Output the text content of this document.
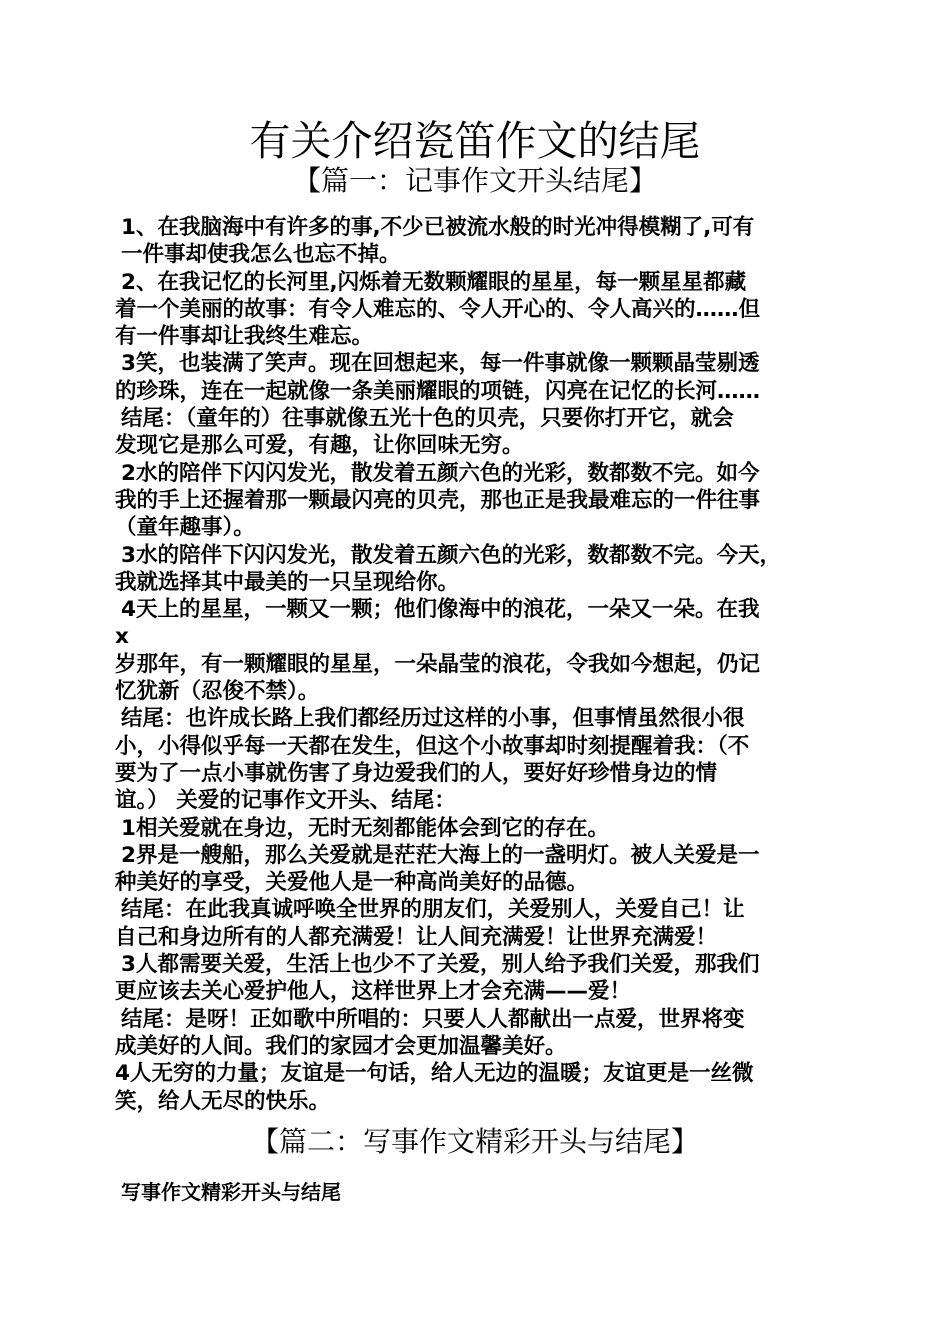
有关介绍瓷笛作文的结尾
【篇一：记事作文开头结尾】
1、在我脑海中有许多的事,不少已被流水般的时光冲得模糊了,可有
一件事却使我怎么也忘不掉。
2、在我记忆的长河里,闪烁着无数颗耀眼的星星，每一颗星星都藏
着一个美丽的故事：有令人难忘的、令人开心的、令人高兴的……但
有一件事却让我终生难忘。
3笑，也装满了笑声。现在回想起来，每一件事就像一颗颗晶莹剔透
的珍珠，连在一起就像一条美丽耀眼的项链，闪亮在记忆的长河……
结尾：（童年的）往事就像五光十色的贝壳，只要你打开它，就会
发现它是那么可爱，有趣，让你回味无穷。
2水的陪伴下闪闪发光，散发着五颜六色的光彩，数都数不完。如今
我的手上还握着那一颗最闪亮的贝壳，那也正是我最难忘的一件往事
（童年趣事）。
3水的陪伴下闪闪发光，散发着五颜六色的光彩，数都数不完。今天，
我就选择其中最美的一只呈现给你。
4天上的星星，一颗又一颗；他们像海中的浪花，一朵又一朵。在我
x
岁那年，有一颗耀眼的星星，一朵晶莹的浪花，令我如今想起，仍记
忆犹新（忍俊不禁）。
结尾：也许成长路上我们都经历过这样的小事，但事情虽然很小很
小，小得似乎每一天都在发生，但这个小故事却时刻提醒着我：（不
要为了一点小事就伤害了身边爱我们的人，要好好珍惜身边的情
谊。） 关爱的记事作文开头、结尾：
1相关爱就在身边，无时无刻都能体会到它的存在。
2界是一艘船，那么关爱就是茫茫大海上的一盏明灯。被人关爱是一
种美好的享受，关爱他人是一种高尚美好的品德。
结尾：在此我真诚呼唤全世界的朋友们，关爱别人，关爱自己！让
自己和身边所有的人都充满爱！让人间充满爱！让世界充满爱！
3人都需要关爱，生活上也少不了关爱，别人给予我们关爱，那我们
更应该去关心爱护他人，这样世界上才会充满——爱！
结尾：是呀！正如歌中所唱的：只要人人都献出一点爱，世界将变
成美好的人间。我们的家园才会更加温馨美好。
4人无穷的力量；友谊是一句话，给人无边的温暖；友谊更是一丝微
笑，给人无尽的快乐。
【篇二：写事作文精彩开头与结尾】
写事作文精彩开头与结尾
